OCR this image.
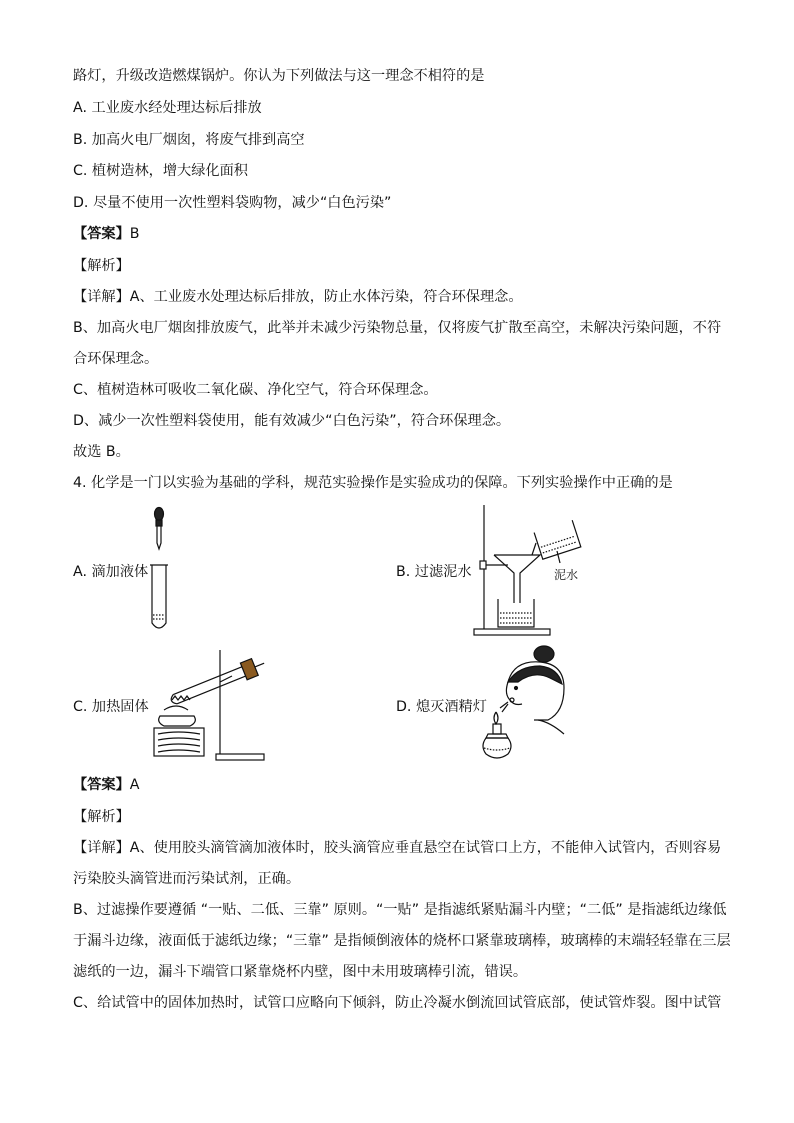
路灯，升级改造燃煤锅炉。你认为下列做法与这一理念不相符的是
A. 工业废水经处理达标后排放
B. 加高火电厂烟囱，将废气排到高空
C. 植树造林，增大绿化面积
D. 尽量不使用一次性塑料袋购物，减少“白色污染”
【答案】B
【解析】
【详解】A、工业废水处理达标后排放，防止水体污染，符合环保理念。
B、加高火电厂烟囱排放废气，此举并未减少污染物总量，仅将废气扩散至高空，未解决污染问题，不符
合环保理念。
C、植树造林可吸收二氧化碳、净化空气，符合环保理念。
D、减少一次性塑料袋使用，能有效减少“白色污染”，符合环保理念。
故选 B。
4. 化学是一门以实验为基础的学科，规范实验操作是实验成功的保障。下列实验操作中正确的是
A. 滴加液体	B. 过滤泥水
C. 加热固体	D. 熄灭酒精灯
泥水
【答案】A
【解析】
【详解】A、使用胶头滴管滴加液体时，胶头滴管应垂直悬空在试管口上方，不能伸入试管内，否则容易
污染胶头滴管进而污染试剂，正确。
B、过滤操作要遵循 “一贴、二低、三靠” 原则。“一贴” 是指滤纸紧贴漏斗内壁；“二低” 是指滤纸边缘低
于漏斗边缘，液面低于滤纸边缘；“三靠” 是指倾倒液体的烧杯口紧靠玻璃棒，玻璃棒的末端轻轻靠在三层
滤纸的一边，漏斗下端管口紧靠烧杯内壁，图中未用玻璃棒引流，错误。
C、给试管中的固体加热时，试管口应略向下倾斜，防止冷凝水倒流回试管底部，使试管炸裂。图中试管
